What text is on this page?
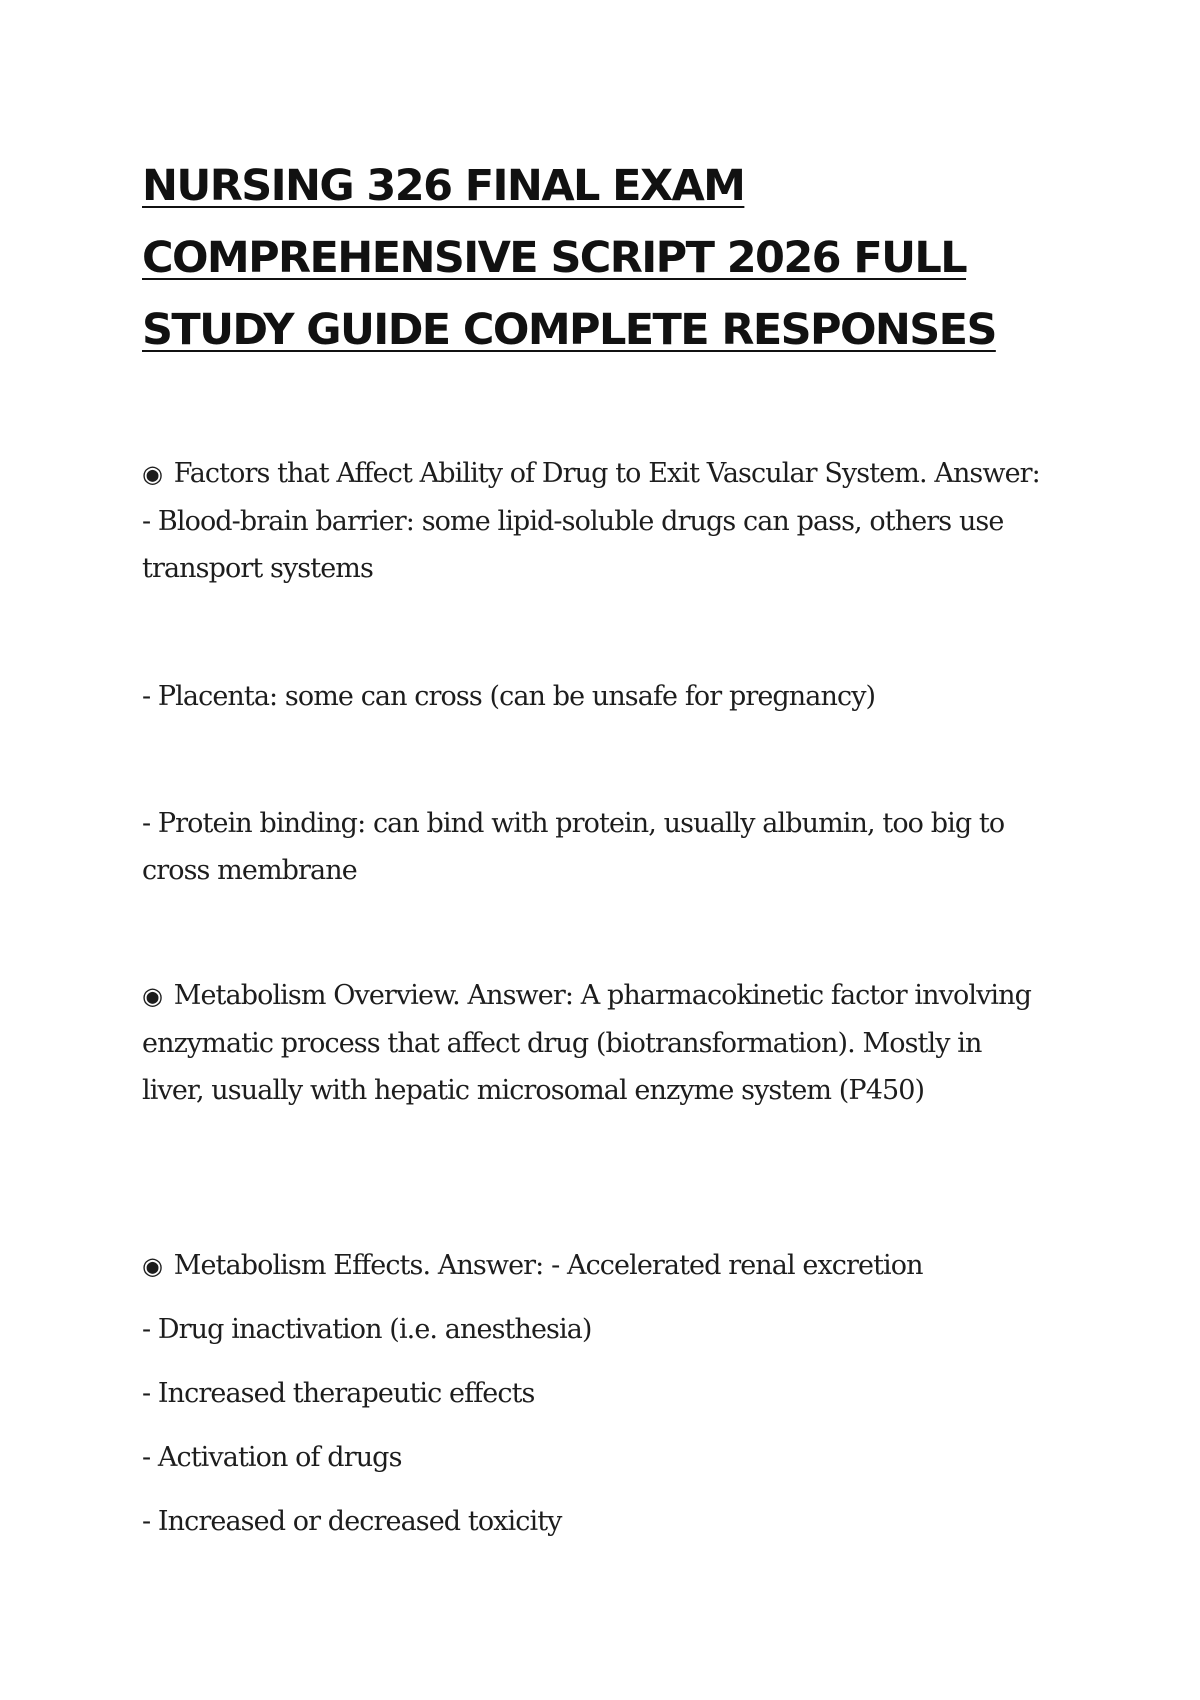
NURSING 326 FINAL EXAM COMPREHENSIVE SCRIPT 2026 FULL STUDY GUIDE COMPLETE RESPONSES

◉ Factors that Affect Ability of Drug to Exit Vascular System. Answer: - Blood-brain barrier: some lipid-soluble drugs can pass, others use transport systems

- Placenta: some can cross (can be unsafe for pregnancy)

- Protein binding: can bind with protein, usually albumin, too big to cross membrane

◉ Metabolism Overview. Answer: A pharmacokinetic factor involving enzymatic process that affect drug (biotransformation). Mostly in liver, usually with hepatic microsomal enzyme system (P450)

◉ Metabolism Effects. Answer: - Accelerated renal excretion
- Drug inactivation (i.e. anesthesia)
- Increased therapeutic effects
- Activation of drugs
- Increased or decreased toxicity
